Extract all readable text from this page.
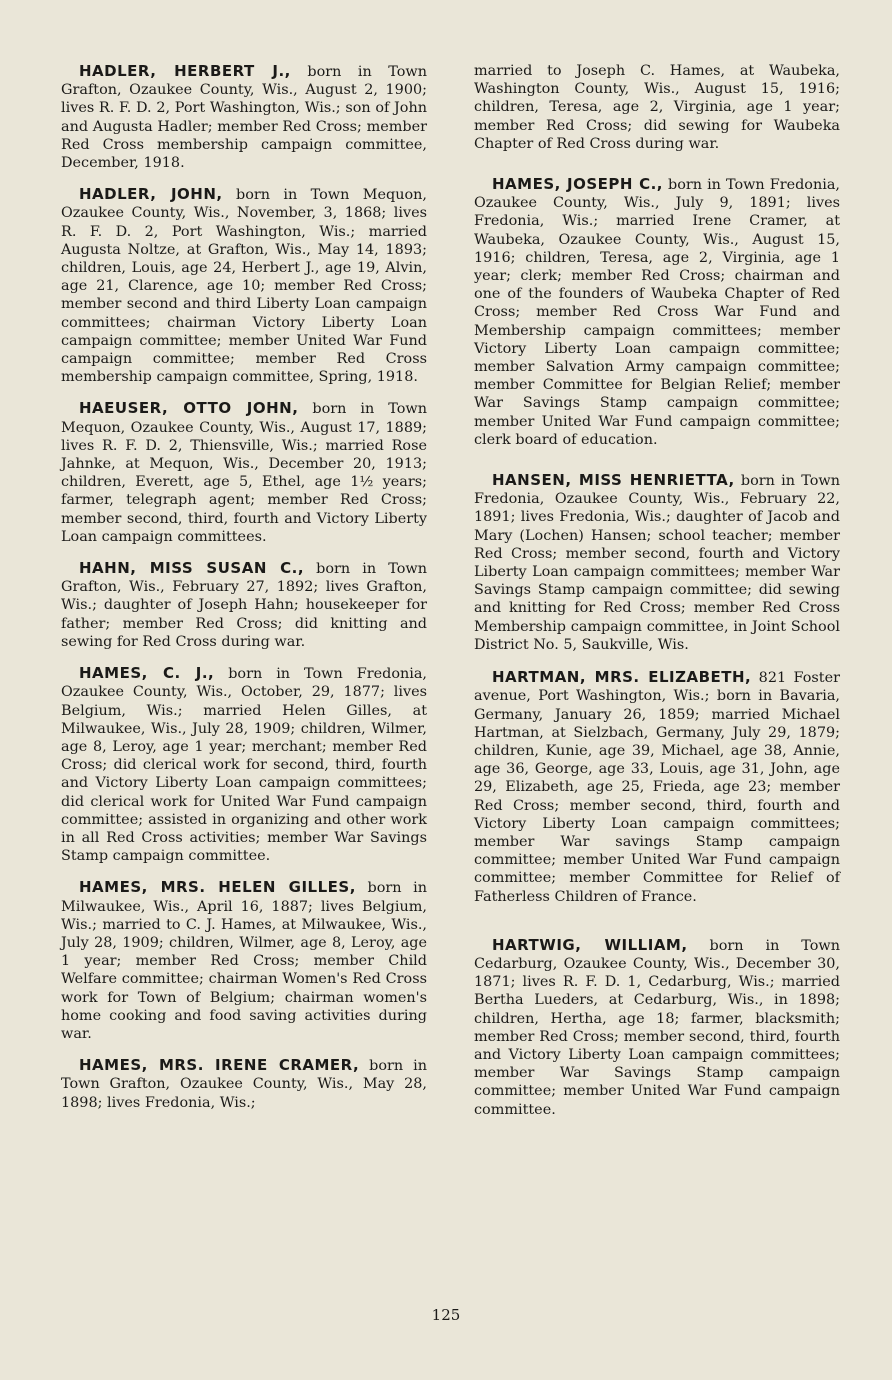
HADLER, HERBERT J., born in Town Grafton, Ozaukee County, Wis., August 2, 1900; lives R. F. D. 2, Port Washington, Wis.; son of John and Augusta Hadler; member Red Cross; member Red Cross membership campaign committee, December, 1918.

HADLER, JOHN, born in Town Mequon, Ozaukee County, Wis., November, 3, 1868; lives R. F. D. 2, Port Washington, Wis.; married Augusta Noltze, at Grafton, Wis., May 14, 1893; children, Louis, age 24, Herbert J., age 19, Alvin, age 21, Clarence, age 10; member Red Cross; member second and third Liberty Loan campaign committees; chairman Victory Liberty Loan campaign committee; member United War Fund campaign committee; member Red Cross membership campaign committee, Spring, 1918.

HAEUSER, OTTO JOHN, born in Town Mequon, Ozaukee County, Wis., August 17, 1889; lives R. F. D. 2, Thiensville, Wis.; married Rose Jahnke, at Mequon, Wis., December 20, 1913; children, Everett, age 5, Ethel, age 1½ years; farmer, telegraph agent; member Red Cross; member second, third, fourth and Victory Liberty Loan campaign committees.

HAHN, MISS SUSAN C., born in Town Grafton, Wis., February 27, 1892; lives Grafton, Wis.; daughter of Joseph Hahn; housekeeper for father; member Red Cross; did knitting and sewing for Red Cross during war.

HAMES, C. J., born in Town Fredonia, Ozaukee County, Wis., October, 29, 1877; lives Belgium, Wis.; married Helen Gilles, at Milwaukee, Wis., July 28, 1909; children, Wilmer, age 8, Leroy, age 1 year; merchant; member Red Cross; did clerical work for second, third, fourth and Victory Liberty Loan campaign committees; did clerical work for United War Fund campaign committee; assisted in organizing and other work in all Red Cross activities; member War Savings Stamp campaign committee.

HAMES, MRS. HELEN GILLES, born in Milwaukee, Wis., April 16, 1887; lives Belgium, Wis.; married to C. J. Hames, at Milwaukee, Wis., July 28, 1909; children, Wilmer, age 8, Leroy, age 1 year; member Red Cross; member Child Welfare committee; chairman Women's Red Cross work for Town of Belgium; chairman women's home cooking and food saving activities during war.

HAMES, MRS. IRENE CRAMER, born in Town Grafton, Ozaukee County, Wis., May 28, 1898; lives Fredonia, Wis.;

married to Joseph C. Hames, at Waubeka, Washington County, Wis., August 15, 1916; children, Teresa, age 2, Virginia, age 1 year; member Red Cross; did sewing for Waubeka Chapter of Red Cross during war.

HAMES, JOSEPH C., born in Town Fredonia, Ozaukee County, Wis., July 9, 1891; lives Fredonia, Wis.; married Irene Cramer, at Waubeka, Ozaukee County, Wis., August 15, 1916; children, Teresa, age 2, Virginia, age 1 year; clerk; member Red Cross; chairman and one of the founders of Waubeka Chapter of Red Cross; member Red Cross War Fund and Membership campaign committees; member Victory Liberty Loan campaign committee; member Salvation Army campaign committee; member Committee for Belgian Relief; member War Savings Stamp campaign committee; member United War Fund campaign committee; clerk board of education.

HANSEN, MISS HENRIETTA, born in Town Fredonia, Ozaukee County, Wis., February 22, 1891; lives Fredonia, Wis.; daughter of Jacob and Mary (Lochen) Hansen; school teacher; member Red Cross; member second, fourth and Victory Liberty Loan campaign committees; member War Savings Stamp campaign committee; did sewing and knitting for Red Cross; member Red Cross Membership campaign committee, in Joint School District No. 5, Saukville, Wis.

HARTMAN, MRS. ELIZABETH, 821 Foster avenue, Port Washington, Wis.; born in Bavaria, Germany, January 26, 1859; married Michael Hartman, at Sielzbach, Germany, July 29, 1879; children, Kunie, age 39, Michael, age 38, Annie, age 36, George, age 33, Louis, age 31, John, age 29, Elizabeth, age 25, Frieda, age 23; member Red Cross; member second, third, fourth and Victory Liberty Loan campaign committees; member War savings Stamp campaign committee; member United War Fund campaign committee; member Committee for Relief of Fatherless Children of France.

HARTWIG, WILLIAM, born in Town Cedarburg, Ozaukee County, Wis., December 30, 1871; lives R. F. D. 1, Cedarburg, Wis.; married Bertha Lueders, at Cedarburg, Wis., in 1898; children, Hertha, age 18; farmer, blacksmith; member Red Cross; member second, third, fourth and Victory Liberty Loan campaign committees; member War Savings Stamp campaign committee; member United War Fund campaign committee.

125
